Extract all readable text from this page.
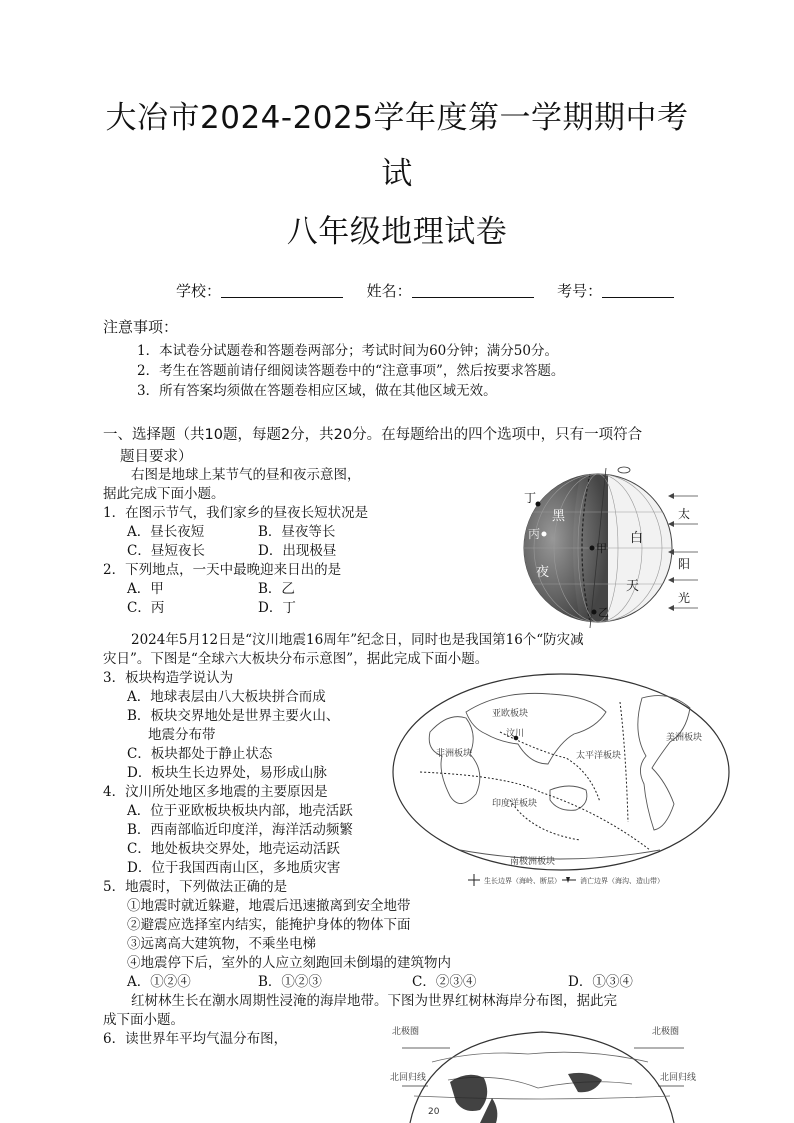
大冶市2024-2025学年度第一学期期中考
试
八年级地理试卷
学校：	姓名：	考号：
注意事项：
1．本试卷分试题卷和答题卷两部分；考试时间为60分钟；满分50分。
2．考生在答题前请仔细阅读答题卷中的“注意事项”，然后按要求答题。
3．所有答案均须做在答题卷相应区域，做在其他区域无效。
一、选择题（共10题，每题2分，共20分。在每题给出的四个选项中，只有一项符合
题目要求）
右图是地球上某节气的昼和夜示意图，
据此完成下面小题。
1．在图示节气，我们家乡的昼夜长短状况是
A．昼长夜短	B．昼夜等长
C．昼短夜长	D．出现极昼
2．下列地点，一天中最晚迎来日出的是
A．甲	B．乙
C．丙	D．丁
丁
丙
甲
乙
黑
夜
白
天
太
阳
光
2024年5月12日是“汶川地震16周年”纪念日，同时也是我国第16个“防灾减
灾日”。下图是“全球六大板块分布示意图”，据此完成下面小题。
3．板块构造学说认为
A．地球表层由八大板块拼合而成
B．板块交界地处是世界主要火山、
地震分布带
C．板块都处于静止状态
D．板块生长边界处，易形成山脉
4．汶川所处地区多地震的主要原因是
A．位于亚欧板块板块内部，地壳活跃
B．西南部临近印度洋，海洋活动频繁
C．地处板块交界处，地壳运动活跃
D．位于我国西南山区，多地质灾害
亚欧板块
非洲板块
印度洋板块
太平洋板块
美洲板块
南极洲板块
汶川
生长边界（海岭、断层）	消亡边界（海沟、造山带）
5．地震时，下列做法正确的是
①地震时就近躲避，地震后迅速撤离到安全地带
②避震应选择室内结实，能掩护身体的物体下面
③远离高大建筑物，不乘坐电梯
④地震停下后，室外的人应立刻跑回未倒塌的建筑物内
A．①②④	B．①②③	C．②③④	D．①③④
红树林生长在潮水周期性浸淹的海岸地带。下图为世界红树林海岸分布图，据此完
成下面小题。
6．读世界年平均气温分布图，	北极圈	北极圈
北回归线	北回归线
20
